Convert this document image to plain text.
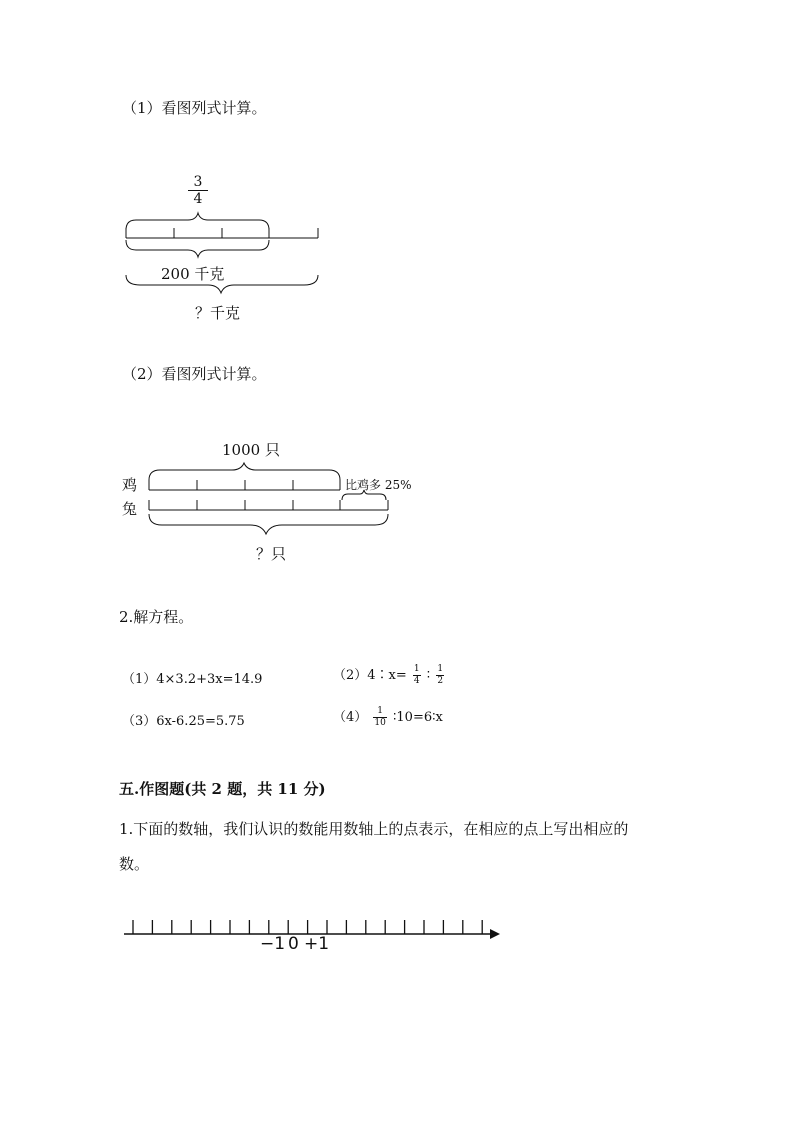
（1）看图列式计算。
$\frac{3}{4}$
200 千克
？千克
（2）看图列式计算。
1000 只
鸡
兔
比鸡多 25%
？只
2.解方程。
（1）4×3.2+3x=14.9	（2）4∶x= $\frac{1}{4}$ ∶ $\frac{1}{2}$
（3）6x-6.25=5.75	$(4) \frac{1}{10}$ ∶10=6∶x
五.作图题(共 2 题，共 11 分)
1.下面的数轴，我们认识的数能用数轴上的点表示，在相应的点上写出相应的
数。
−1 0 +1
